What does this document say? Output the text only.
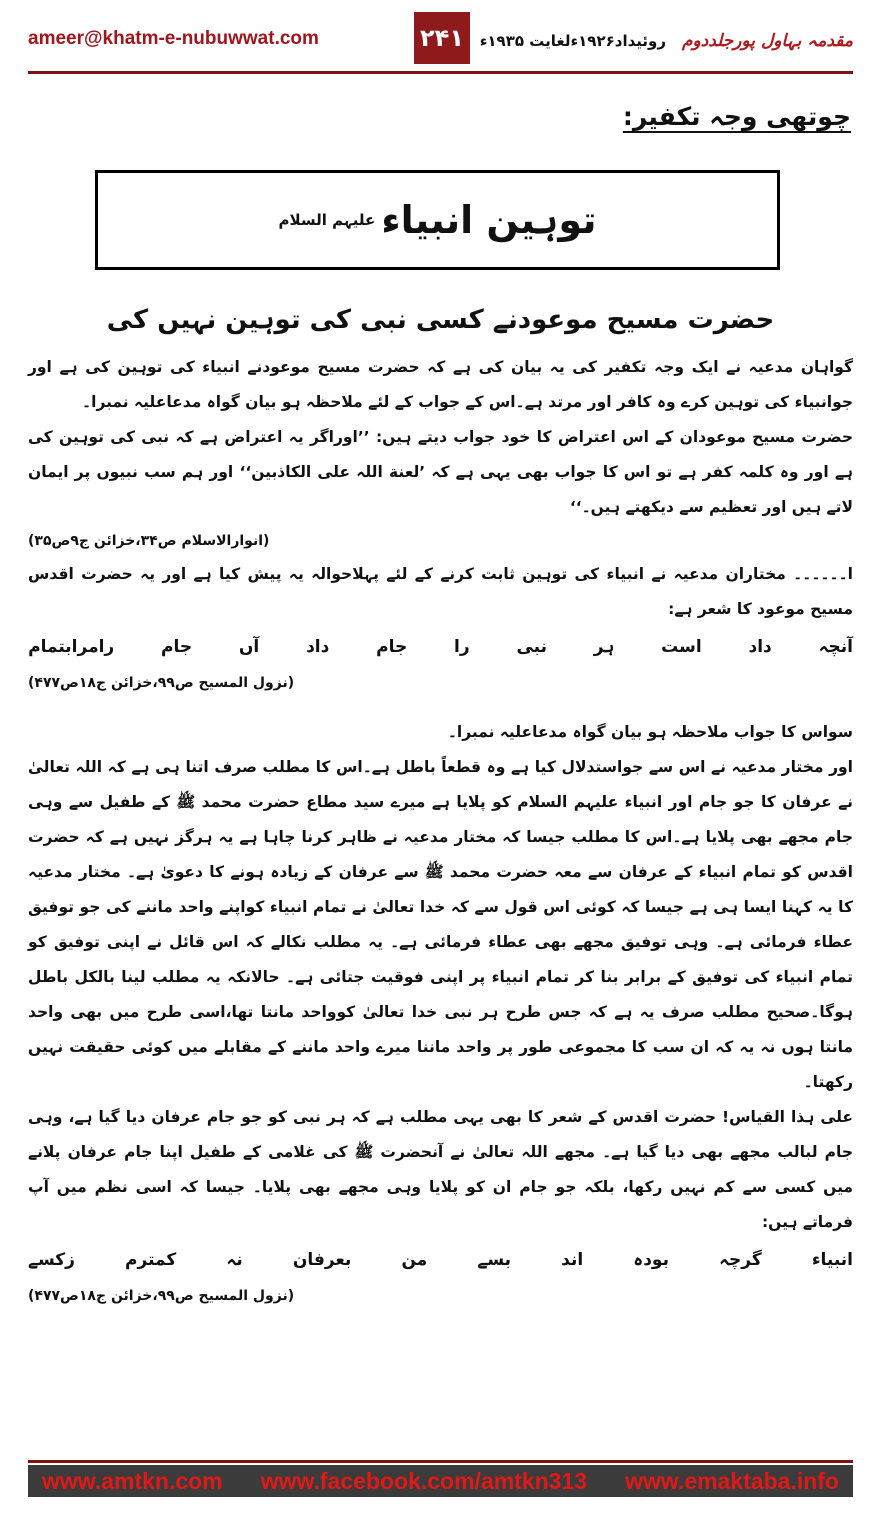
ameer@khatm-e-nubuwwat.com	۲۴۱	روئیداد۱۹۲۶ءلغایت ۱۹۳۵ء مقدمہ بہاول پورجلددوم
چوتھی وجہ تکفیر:
توہین انبیاء
علیہم السلام
حضرت مسیح موعودنے کسی نبی کی توہین نہیں کی

گواہان مدعیہ نے ایک وجہ تکفیر کی یہ بیان کی ہے کہ حضرت مسیح موعودنے انبیاء کی توہین کی ہے اور جوانبیاء کی توہین کرے وہ کافر اور مرتد ہے۔اس کے جواب کے لئے ملاحظہ ہو بیان گواہ مدعاعلیہ نمبرا۔

حضرت مسیح موعودان کے اس اعتراض کا خود جواب دیتے ہیں: ’’اوراگر یہ اعتراض ہے کہ نبی کی توہین کی ہے اور وہ کلمہ کفر ہے تو اس کا جواب بھی یہی ہے کہ ’لعنة اللہ علی الکاذبین‘‘ اور ہم سب نبیوں پر ایمان لاتے ہیں اور تعظیم سے دیکھتے ہیں۔‘‘

(انوارالاسلام ص۳۴،خزائن ج۹ص۳۵)

ا۔۔۔۔۔۔ مختاران مدعیہ نے انبیاء کی توہین ثابت کرنے کے لئے پہلاحوالہ یہ پیش کیا ہے اور یہ حضرت اقدس مسیح موعود کا شعر ہے:

آنچہ
داد
است
ہر
نبی
را
جام
داد
آں
جام
رامرابتمام
(نزول المسیح ص۹۹،خزائن ج۱۸ص۴۷۷)

سواس کا جواب ملاحظہ ہو بیان گواہ مدعاعلیہ نمبرا۔

اور مختار مدعیہ نے اس سے جواستدلال کیا ہے وہ قطعاً باطل ہے۔اس کا مطلب صرف اتنا ہی ہے کہ اللہ تعالیٰ نے عرفان کا جو جام اور انبیاء علیہم السلام کو پلایا ہے میرے سید مطاع حضرت محمد ﷺ کے طفیل سے وہی جام مجھے بھی پلایا ہے۔اس کا مطلب جیسا کہ مختار مدعیہ نے ظاہر کرنا چاہا ہے یہ ہرگز نہیں ہے کہ حضرت اقدس کو تمام انبیاء کے عرفان سے معہ حضرت محمد ﷺ سے عرفان کے زیادہ ہونے کا دعویٰ ہے۔ مختار مدعیہ کا یہ کہنا ایسا ہی ہے جیسا کہ کوئی اس قول سے کہ خدا تعالیٰ نے تمام انبیاء کواپنے واحد ماننے کی جو توفیق عطاء فرمائی ہے۔ وہی توفیق مجھے بھی عطاء فرمائی ہے۔ یہ مطلب نکالے کہ اس قائل نے اپنی توفیق کو تمام انبیاء کی توفیق کے برابر بنا کر تمام انبیاء پر اپنی فوقیت جتائی ہے۔ حالانکہ یہ مطلب لینا بالکل باطل ہوگا۔صحیح مطلب صرف یہ ہے کہ جس طرح ہر نبی خدا تعالیٰ کوواحد مانتا تھا،اسی طرح میں بھی واحد مانتا ہوں نہ یہ کہ ان سب کا مجموعی طور پر واحد ماننا میرے واحد ماننے کے مقابلے میں کوئی حقیقت نہیں رکھتا۔

علی ہذا القیاس! حضرت اقدس کے شعر کا بھی یہی مطلب ہے کہ ہر نبی کو جو جام عرفان دیا گیا ہے، وہی جام لبالب مجھے بھی دیا گیا ہے۔ مجھے اللہ تعالیٰ نے آنحضرت ﷺ کی غلامی کے طفیل اپنا جام عرفان پلانے میں کسی سے کم نہیں رکھا، بلکہ جو جام ان کو پلایا وہی مجھے بھی پلایا۔ جیسا کہ اسی نظم میں آپ فرماتے ہیں:

انبیاء
گرچہ
بودہ
اند
بسے
من
بعرفان
نہ
کمترم
زکسے
(نزول المسیح ص۹۹،خزائن ج۱۸ص۴۷۷)
www.amtkn.com www.facebook.com/amtkn313 www.emaktaba.info
